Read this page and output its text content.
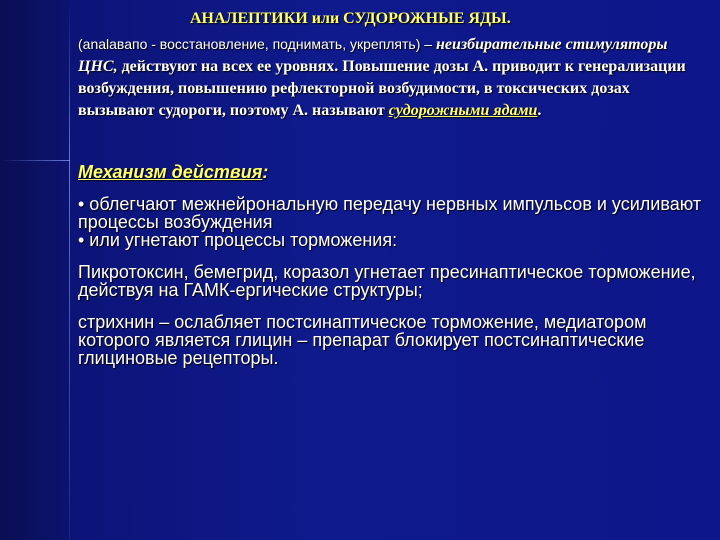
АНАЛЕПТИКИ или СУДОРОЖНЫЕ ЯДЫ.
(analавапо - восстановление, поднимать, укреплять) – неизбирательные стимуляторы ЦНС, действуют на всех ее уровнях. Повышение дозы А. приводит к генерализации возбуждения, повышению рефлекторной возбудимости, в токсических дозах вызывают судороги, поэтому А. называют судорожными ядами.
Механизм действия:
• облегчают межнейрональную передачу нервных импульсов и усиливают процессы возбуждения
• или угнетают процессы торможения:
Пикротоксин, бемегрид, коразол угнетает пресинаптическое торможение, действуя на ГАМК-ергические структуры;
стрихнин – ослабляет постсинаптическое торможение, медиатором которого является глицин – препарат блокирует постсинаптические глициновые рецепторы.
